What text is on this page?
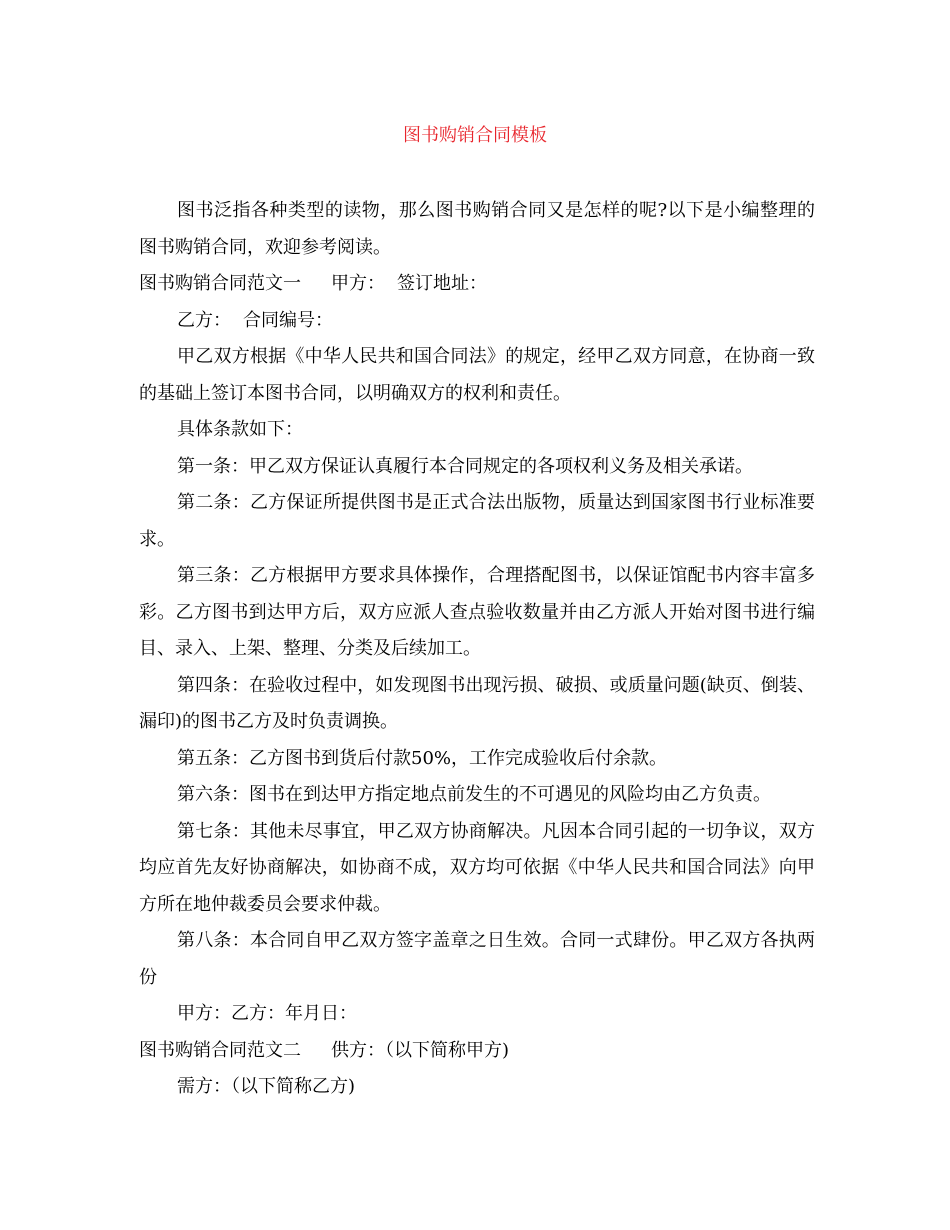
图书购销合同模板

图书泛指各种类型的读物，那么图书购销合同又是怎样的呢?以下是小编整理的图书购销合同，欢迎参考阅读。

图书购销合同范文一 甲方： 签订地址：

乙方： 合同编号：

甲乙双方根据《中华人民共和国合同法》的规定，经甲乙双方同意，在协商一致的基础上签订本图书合同，以明确双方的权利和责任。

具体条款如下：

第一条：甲乙双方保证认真履行本合同规定的各项权利义务及相关承诺。

第二条：乙方保证所提供图书是正式合法出版物，质量达到国家图书行业标准要求。

第三条：乙方根据甲方要求具体操作，合理搭配图书，以保证馆配书内容丰富多彩。乙方图书到达甲方后，双方应派人查点验收数量并由乙方派人开始对图书进行编目、录入、上架、整理、分类及后续加工。

第四条：在验收过程中，如发现图书出现污损、破损、或质量问题(缺页、倒装、漏印)的图书乙方及时负责调换。

第五条：乙方图书到货后付款50%，工作完成验收后付余款。

第六条：图书在到达甲方指定地点前发生的不可遇见的风险均由乙方负责。

第七条：其他未尽事宜，甲乙双方协商解决。凡因本合同引起的一切争议，双方均应首先友好协商解决，如协商不成，双方均可依据《中华人民共和国合同法》向甲方所在地仲裁委员会要求仲裁。

第八条：本合同自甲乙双方签字盖章之日生效。合同一式肆份。甲乙双方各执两份

甲方：乙方：年月日：

图书购销合同范文二 供方：（以下简称甲方)

需方：（以下简称乙方)
